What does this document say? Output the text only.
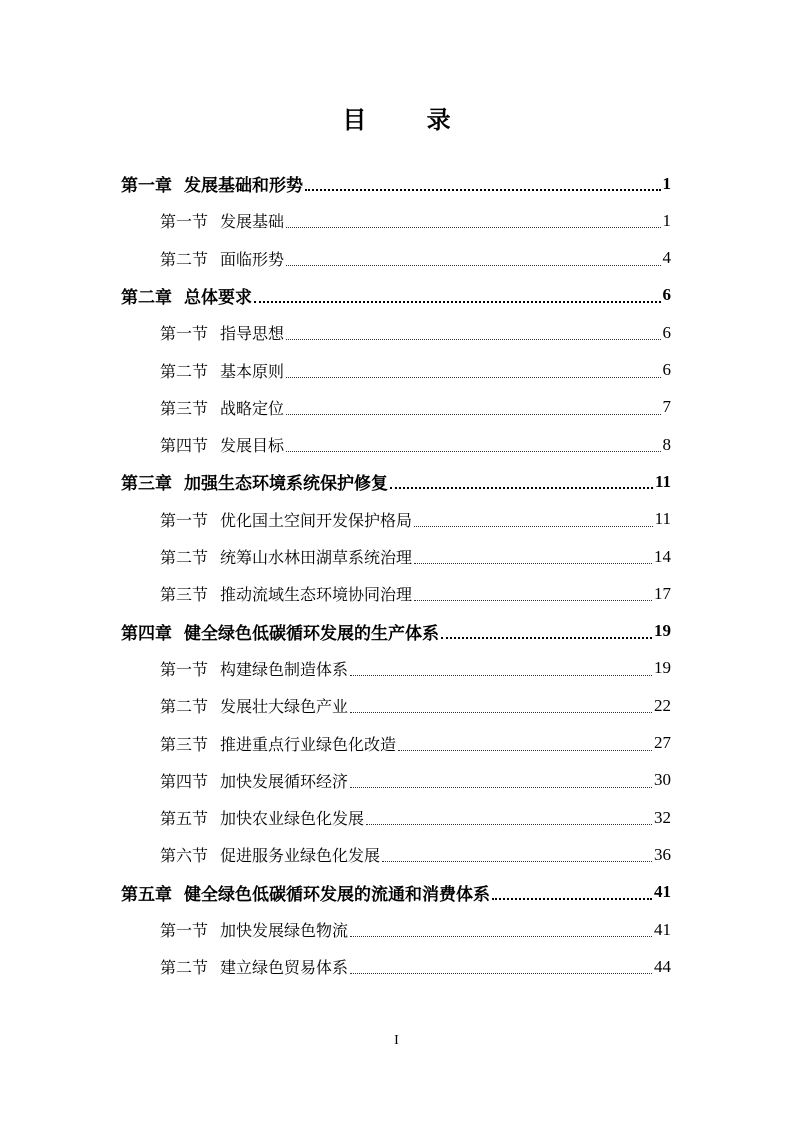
目 录
第一章 发展基础和形势	1
第一节 发展基础	1
第二节 面临形势	4
第二章 总体要求	6
第一节 指导思想	6
第二节 基本原则	6
第三节 战略定位	7
第四节 发展目标	8
第三章 加强生态环境系统保护修复	11
第一节 优化国土空间开发保护格局	11
第二节 统筹山水林田湖草系统治理	14
第三节 推动流域生态环境协同治理	17
第四章 健全绿色低碳循环发展的生产体系	19
第一节 构建绿色制造体系	19
第二节 发展壮大绿色产业	22
第三节 推进重点行业绿色化改造	27
第四节 加快发展循环经济	30
第五节 加快农业绿色化发展	32
第六节 促进服务业绿色化发展	36
第五章 健全绿色低碳循环发展的流通和消费体系	41
第一节 加快发展绿色物流	41
第二节 建立绿色贸易体系	44
I
